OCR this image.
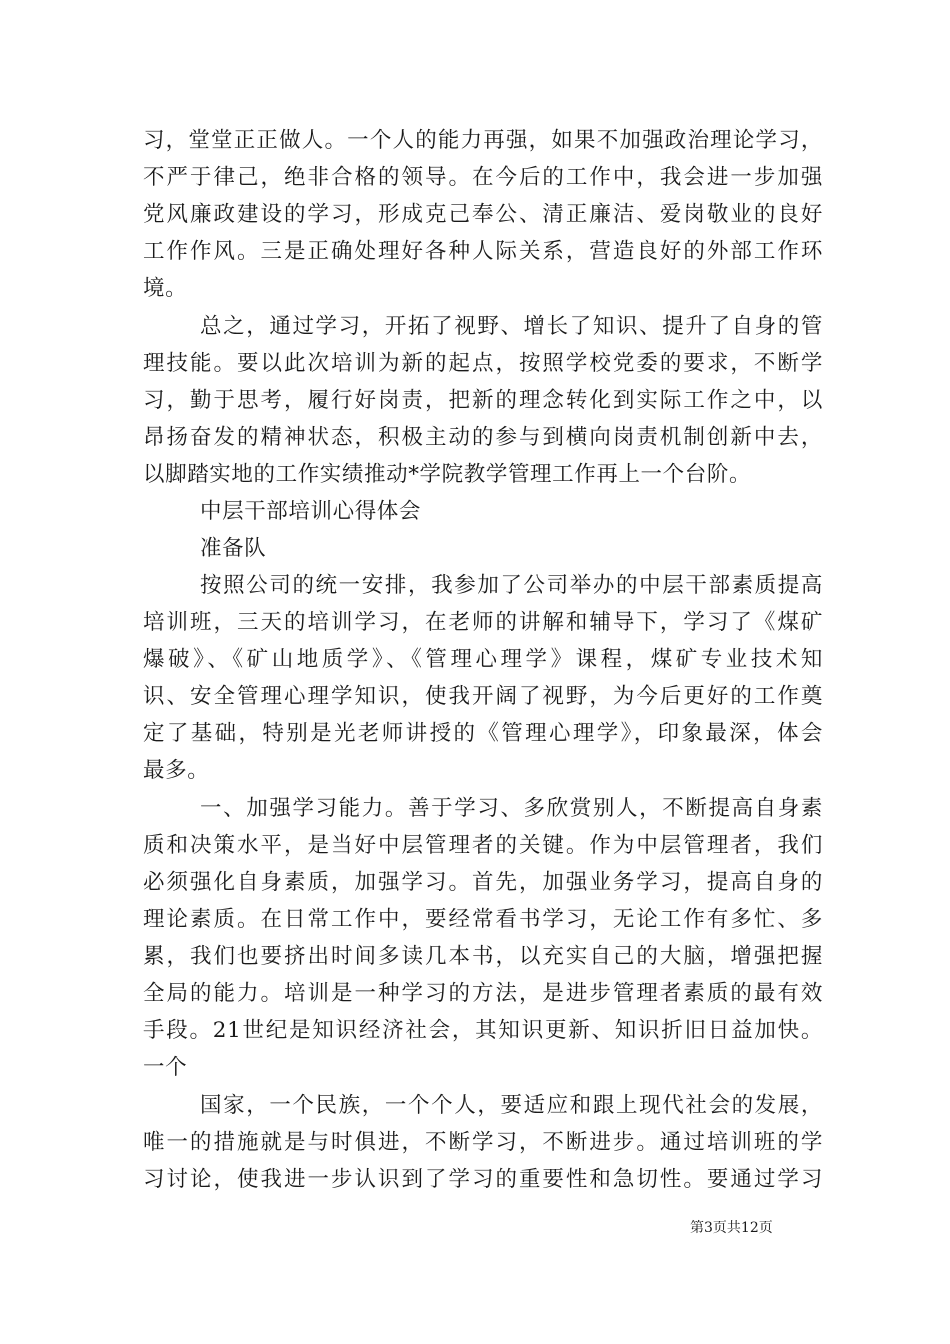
习，堂堂正正做人。一个人的能力再强，如果不加强政治理论学习，
不严于律己，绝非合格的领导。在今后的工作中，我会进一步加强
党风廉政建设的学习，形成克己奉公、清正廉洁、爱岗敬业的良好
工作作风。三是正确处理好各种人际关系，营造良好的外部工作环
境。
总之，通过学习，开拓了视野、增长了知识、提升了自身的管
理技能。要以此次培训为新的起点，按照学校党委的要求，不断学
习，勤于思考，履行好岗责，把新的理念转化到实际工作之中，以
昂扬奋发的精神状态，积极主动的参与到横向岗责机制创新中去，
以脚踏实地的工作实绩推动*学院教学管理工作再上一个台阶。
中层干部培训心得体会
准备队
按照公司的统一安排，我参加了公司举办的中层干部素质提高
培训班，三天的培训学习，在老师的讲解和辅导下，学习了《煤矿
爆破》、《矿山地质学》、《管理心理学》课程，煤矿专业技术知
识、安全管理心理学知识，使我开阔了视野，为今后更好的工作奠
定了基础，特别是光老师讲授的《管理心理学》，印象最深，体会
最多。
一、加强学习能力。善于学习、多欣赏别人，不断提高自身素
质和决策水平，是当好中层管理者的关键。作为中层管理者，我们
必须强化自身素质，加强学习。首先，加强业务学习，提高自身的
理论素质。在日常工作中，要经常看书学习，无论工作有多忙、多
累，我们也要挤出时间多读几本书，以充实自己的大脑，增强把握
全局的能力。培训是一种学习的方法，是进步管理者素质的最有效
手段。21世纪是知识经济社会，其知识更新、知识折旧日益加快。
一个
国家，一个民族，一个个人，要适应和跟上现代社会的发展，
唯一的措施就是与时俱进，不断学习，不断进步。通过培训班的学
习讨论，使我进一步认识到了学习的重要性和急切性。要通过学习
第3页共12页
